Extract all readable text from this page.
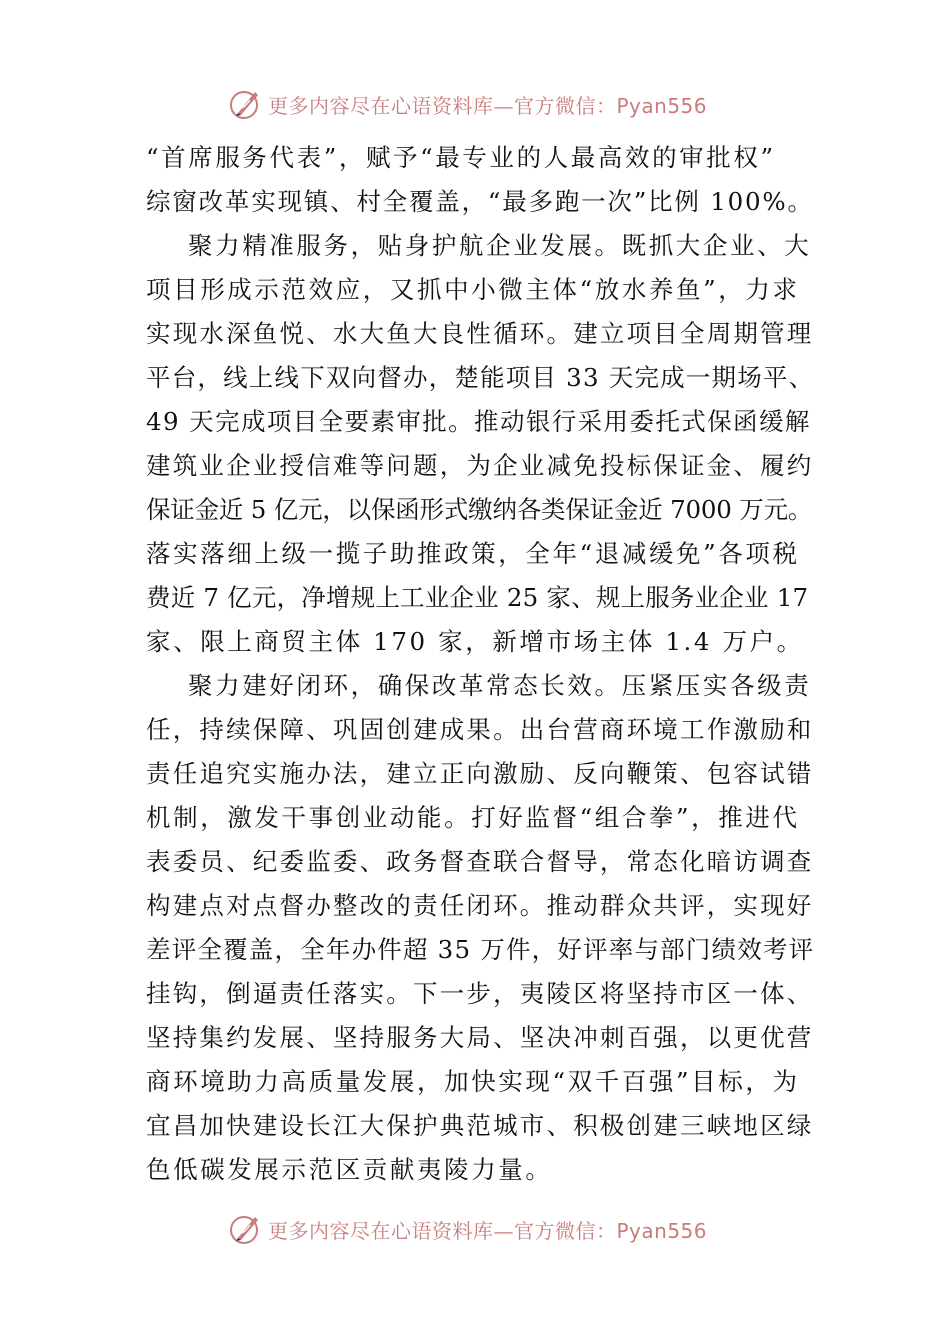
更多内容尽在心语资料库—官方微信：Pyan556
“首席服务代表”，赋予“最专业的人最高效的审批权”
综窗改革实现镇、村全覆盖，“最多跑一次”比例 100%。
聚力精准服务，贴身护航企业发展。既抓大企业、大
项目形成示范效应，又抓中小微主体“放水养鱼”，力求
实现水深鱼悦、水大鱼大良性循环。建立项目全周期管理
平台，线上线下双向督办，楚能项目 33 天完成一期场平、
49 天完成项目全要素审批。推动银行采用委托式保函缓解
建筑业企业授信难等问题，为企业减免投标保证金、履约
保证金近 5 亿元，以保函形式缴纳各类保证金近 7000 万元。
落实落细上级一揽子助推政策，全年“退减缓免”各项税
费近 7 亿元，净增规上工业企业 25 家、规上服务业企业 17
家、限上商贸主体 170 家，新增市场主体 1.4 万户。
聚力建好闭环，确保改革常态长效。压紧压实各级责
任，持续保障、巩固创建成果。出台营商环境工作激励和
责任追究实施办法，建立正向激励、反向鞭策、包容试错
机制，激发干事创业动能。打好监督“组合拳”，推进代
表委员、纪委监委、政务督查联合督导，常态化暗访调查
构建点对点督办整改的责任闭环。推动群众共评，实现好
差评全覆盖，全年办件超 35 万件，好评率与部门绩效考评
挂钩，倒逼责任落实。下一步，夷陵区将坚持市区一体、
坚持集约发展、坚持服务大局、坚决冲刺百强，以更优营
商环境助力高质量发展，加快实现“双千百强”目标，为
宜昌加快建设长江大保护典范城市、积极创建三峡地区绿
色低碳发展示范区贡献夷陵力量。
更多内容尽在心语资料库—官方微信：Pyan556
